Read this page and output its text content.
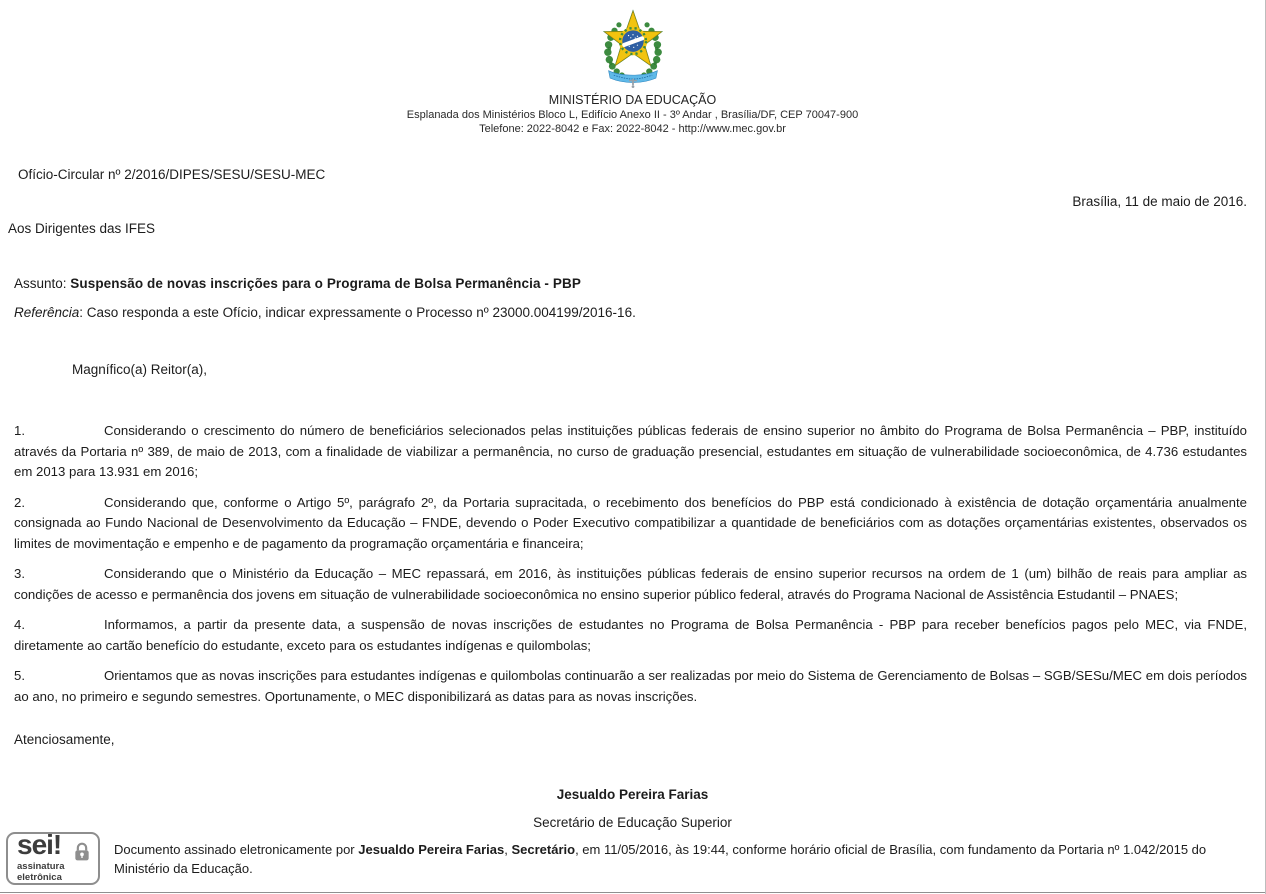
MINISTÉRIO DA EDUCAÇÃO
Esplanada dos Ministérios Bloco L, Edifício Anexo II - 3º Andar , Brasília/DF, CEP 70047-900
Telefone: 2022-8042 e Fax: 2022-8042 - http://www.mec.gov.br
Ofício-Circular nº 2/2016/DIPES/SESU/SESU-MEC
Brasília, 11 de maio de 2016.
Aos Dirigentes das IFES
Assunto: Suspensão de novas inscrições para o Programa de Bolsa Permanência - PBP
Referência: Caso responda a este Ofício, indicar expressamente o Processo nº 23000.004199/2016-16.
Magnífico(a) Reitor(a),

1.	Considerando o crescimento do número de beneficiários selecionados pelas instituições públicas federais de ensino superior no âmbito do Programa de Bolsa Permanência – PBP, instituído através da Portaria nº 389, de maio de 2013, com a finalidade de viabilizar a permanência, no curso de graduação presencial, estudantes em situação de vulnerabilidade socioeconômica, de 4.736 estudantes em 2013 para 13.931 em 2016;

2.	Considerando que, conforme o Artigo 5º, parágrafo 2º, da Portaria supracitada, o recebimento dos benefícios do PBP está condicionado à existência de dotação orçamentária anualmente consignada ao Fundo Nacional de Desenvolvimento da Educação – FNDE, devendo o Poder Executivo compatibilizar a quantidade de beneficiários com as dotações orçamentárias existentes, observados os limites de movimentação e empenho e de pagamento da programação orçamentária e financeira;

3.	Considerando que o Ministério da Educação – MEC repassará, em 2016, às instituições públicas federais de ensino superior recursos na ordem de 1 (um) bilhão de reais para ampliar as condições de acesso e permanência dos jovens em situação de vulnerabilidade socioeconômica no ensino superior público federal, através do Programa Nacional de Assistência Estudantil – PNAES;

4.	Informamos, a partir da presente data, a suspensão de novas inscrições de estudantes no Programa de Bolsa Permanência - PBP para receber benefícios pagos pelo MEC, via FNDE, diretamente ao cartão benefício do estudante, exceto para os estudantes indígenas e quilombolas;

5.	Orientamos que as novas inscrições para estudantes indígenas e quilombolas continuarão a ser realizadas por meio do Sistema de Gerenciamento de Bolsas – SGB/SESu/MEC em dois períodos ao ano, no primeiro e segundo semestres. Oportunamente, o MEC disponibilizará as datas para as novas inscrições.

Atenciosamente,
Jesualdo Pereira Farias
Secretário de Educação Superior
sei!
assinatura
eletrônica
Documento assinado eletronicamente por Jesualdo Pereira Farias, Secretário, em 11/05/2016, às 19:44, conforme horário oficial de Brasília, com fundamento da Portaria nº 1.042/2015 do Ministério da Educação.
